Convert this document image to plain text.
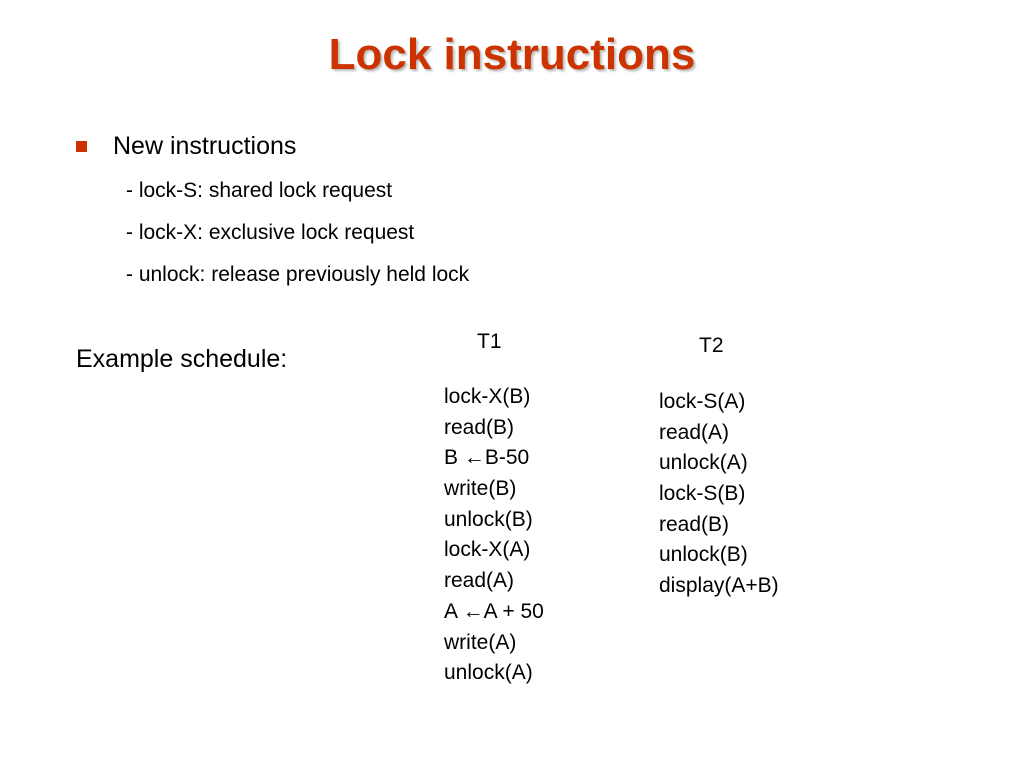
Lock instructions
New instructions
- lock-S: shared lock request
- lock-X: exclusive lock request
- unlock: release previously held lock
Example schedule:
T1	T2
lock-X(B)
read(B)
B ←B-50
write(B)
unlock(B)
lock-X(A)
read(A)
A ←A + 50
write(A)
unlock(A)
lock-S(A)
read(A)
unlock(A)
lock-S(B)
read(B)
unlock(B)
display(A+B)
